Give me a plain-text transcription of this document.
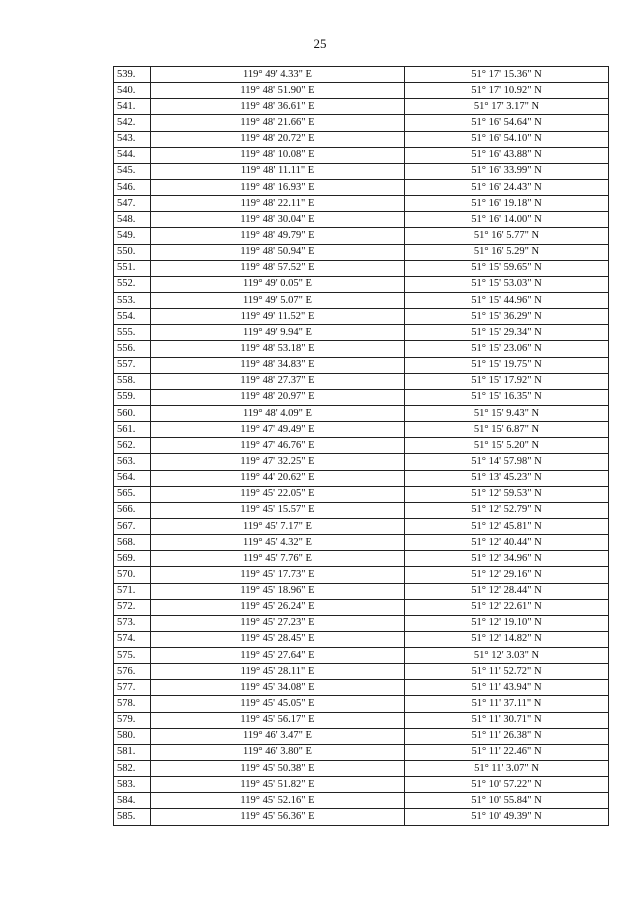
25
539.	119° 49' 4.33" E	51° 17' 15.36" N
540.	119° 48' 51.90" E	51° 17' 10.92" N
541.	119° 48' 36.61" E	51° 17' 3.17" N
542.	119° 48' 21.66" E	51° 16' 54.64" N
543.	119° 48' 20.72" E	51° 16' 54.10" N
544.	119° 48' 10.08" E	51° 16' 43.88" N
545.	119° 48' 11.11" E	51° 16' 33.99" N
546.	119° 48' 16.93" E	51° 16' 24.43" N
547.	119° 48' 22.11" E	51° 16' 19.18" N
548.	119° 48' 30.04" E	51° 16' 14.00" N
549.	119° 48' 49.79" E	51° 16' 5.77" N
550.	119° 48' 50.94" E	51° 16' 5.29" N
551.	119° 48' 57.52" E	51° 15' 59.65" N
552.	119° 49' 0.05" E	51° 15' 53.03" N
553.	119° 49' 5.07" E	51° 15' 44.96" N
554.	119° 49' 11.52" E	51° 15' 36.29" N
555.	119° 49' 9.94" E	51° 15' 29.34" N
556.	119° 48' 53.18" E	51° 15' 23.06" N
557.	119° 48' 34.83" E	51° 15' 19.75" N
558.	119° 48' 27.37" E	51° 15' 17.92" N
559.	119° 48' 20.97" E	51° 15' 16.35" N
560.	119° 48' 4.09" E	51° 15' 9.43" N
561.	119° 47' 49.49" E	51° 15' 6.87" N
562.	119° 47' 46.76" E	51° 15' 5.20" N
563.	119° 47' 32.25" E	51° 14' 57.98" N
564.	119° 44' 20.62" E	51° 13' 45.23" N
565.	119° 45' 22.05" E	51° 12' 59.53" N
566.	119° 45' 15.57" E	51° 12' 52.79" N
567.	119° 45' 7.17" E	51° 12' 45.81" N
568.	119° 45' 4.32" E	51° 12' 40.44" N
569.	119° 45' 7.76" E	51° 12' 34.96" N
570.	119° 45' 17.73" E	51° 12' 29.16" N
571.	119° 45' 18.96" E	51° 12' 28.44" N
572.	119° 45' 26.24" E	51° 12' 22.61" N
573.	119° 45' 27.23" E	51° 12' 19.10" N
574.	119° 45' 28.45" E	51° 12' 14.82" N
575.	119° 45' 27.64" E	51° 12' 3.03" N
576.	119° 45' 28.11" E	51° 11' 52.72" N
577.	119° 45' 34.08" E	51° 11' 43.94" N
578.	119° 45' 45.05" E	51° 11' 37.11" N
579.	119° 45' 56.17" E	51° 11' 30.71" N
580.	119° 46' 3.47" E	51° 11' 26.38" N
581.	119° 46' 3.80" E	51° 11' 22.46" N
582.	119° 45' 50.38" E	51° 11' 3.07" N
583.	119° 45' 51.82" E	51° 10' 57.22" N
584.	119° 45' 52.16" E	51° 10' 55.84" N
585.	119° 45' 56.36" E	51° 10' 49.39" N
